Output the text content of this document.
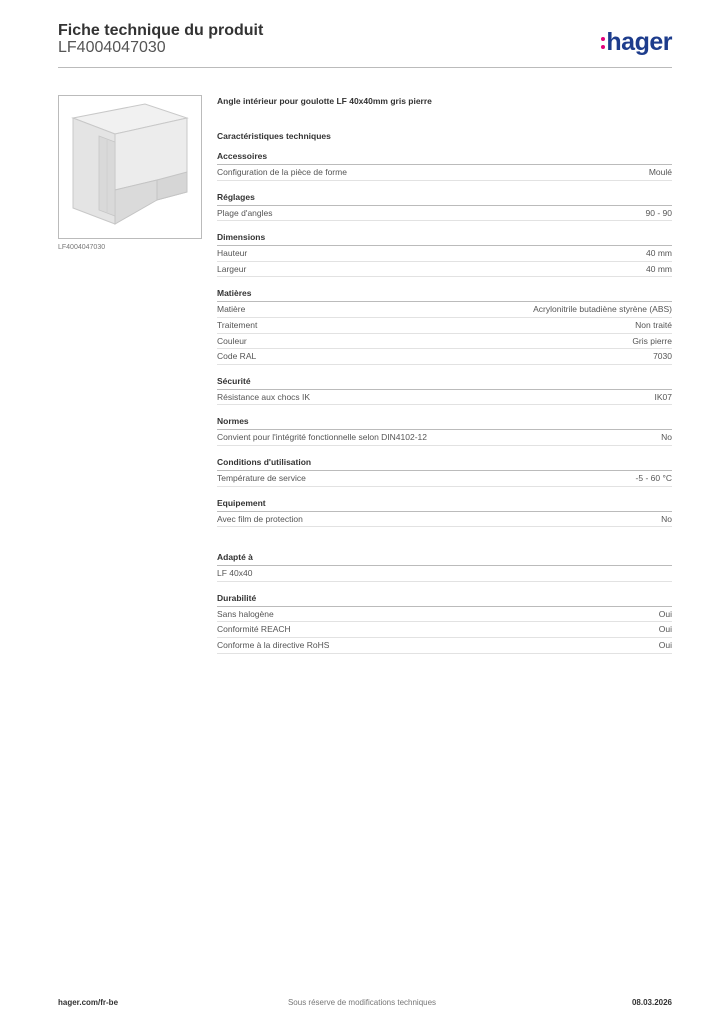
Fiche technique du produit
LF4004047030	hager
LF4004047030
Angle intérieur pour goulotte LF 40x40mm gris pierre
Caractéristiques techniques
Accessoires
Configuration de la pièce de forme	Moulé
Réglages
Plage d'angles	90 - 90
Dimensions
Hauteur	40 mm
Largeur	40 mm
Matières
Matière	Acrylonitrile butadiène styrène (ABS)
Traitement	Non traité
Couleur	Gris pierre
Code RAL	7030
Sécurité
Résistance aux chocs IK	IK07
Normes
Convient pour l'intégrité fonctionnelle selon DIN4102-12	No
Conditions d'utilisation
Température de service	-5 - 60 °C
Equipement
Avec film de protection	No
Adapté à
LF 40x40
Durabilité
Sans halogène	Oui
Conformité REACH	Oui
Conforme à la directive RoHS	Oui
hager.com/fr-be	Sous réserve de modifications techniques	08.03.2026
